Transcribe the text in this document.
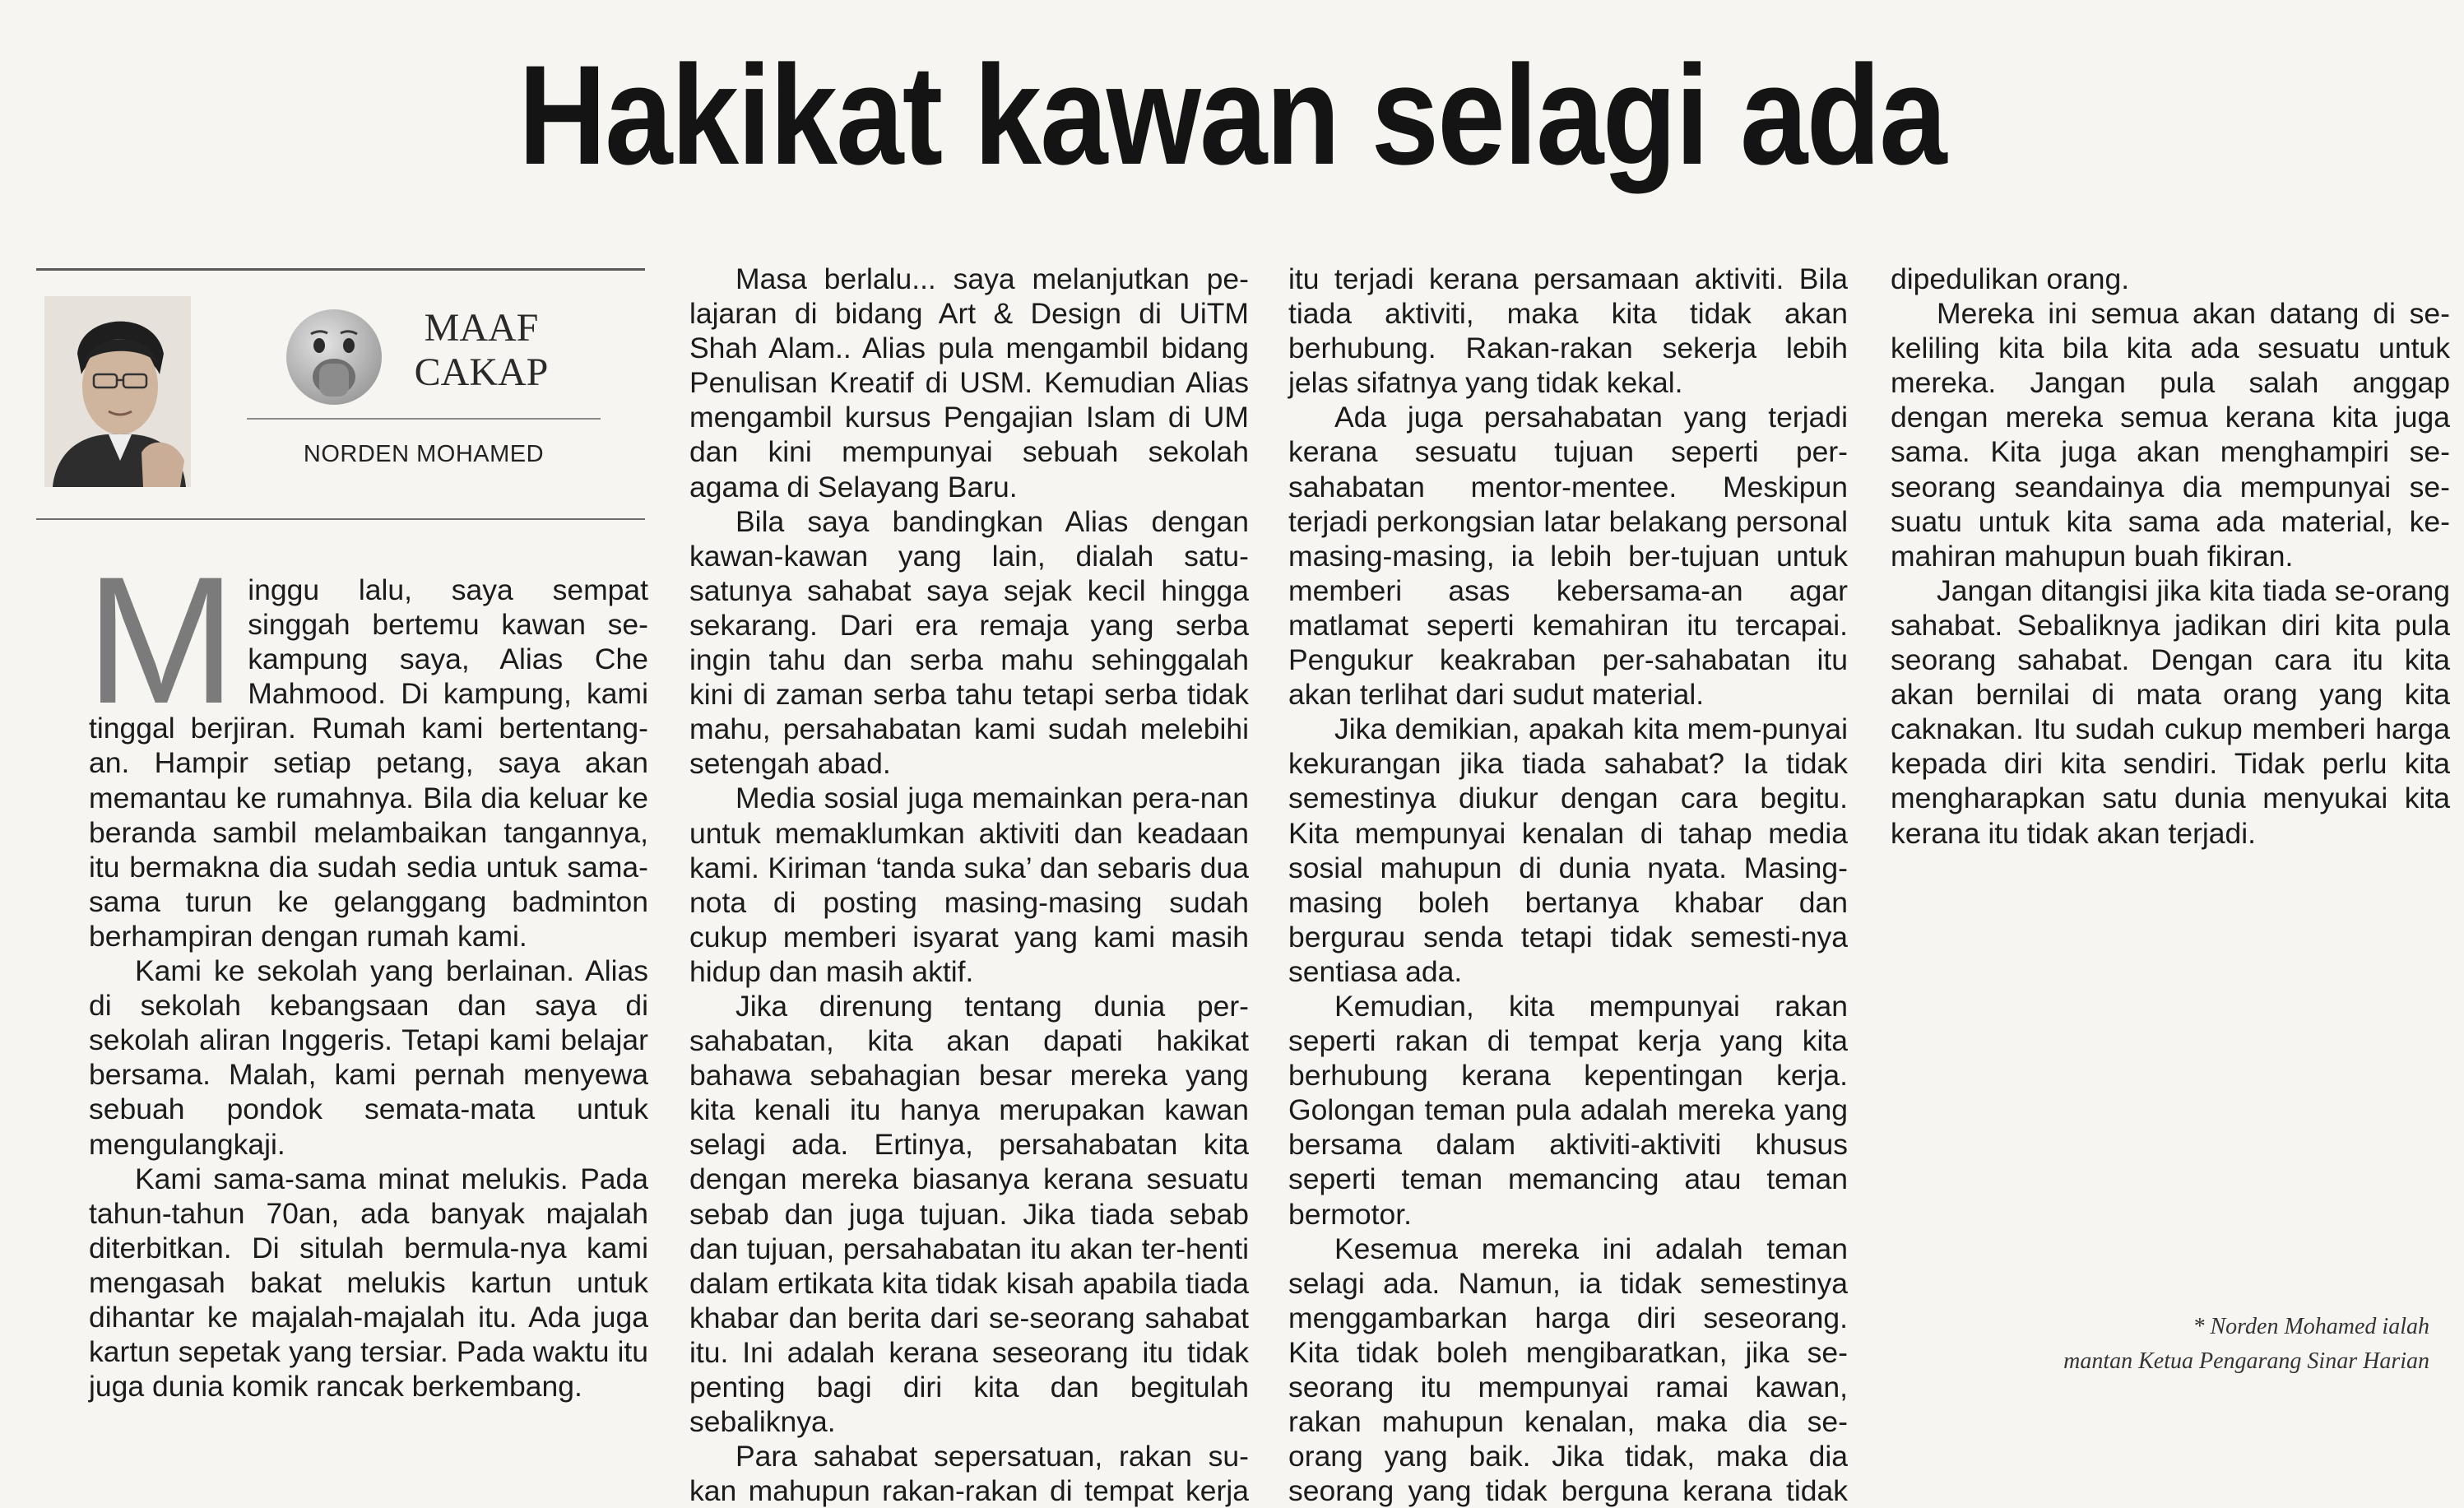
Hakikat kawan selagi ada
MAAF
CAKAP
NORDEN MOHAMED

Minggu lalu, saya sempat singgah bertemu kawan se-kampung saya, Alias Che Mahmood. Di kampung, kami tinggal berjiran. Rumah kami bertentang-an. Hampir setiap petang, saya akan memantau ke rumahnya. Bila dia keluar ke beranda sambil melambaikan tangannya, itu bermakna dia sudah sedia untuk sama-sama turun ke gelanggang badminton berhampiran dengan rumah kami.

Kami ke sekolah yang berlainan. Alias di sekolah kebangsaan dan saya di sekolah aliran Inggeris. Tetapi kami belajar bersama. Malah, kami pernah menyewa sebuah pondok semata-mata untuk mengulangkaji.

Kami sama-sama minat melukis. Pada tahun-tahun 70an, ada banyak majalah diterbitkan. Di situlah bermula-nya kami mengasah bakat melukis kartun untuk dihantar ke majalah-majalah itu. Ada juga kartun sepetak yang tersiar. Pada waktu itu juga dunia komik rancak berkembang.

Masa berlalu... saya melanjutkan pe-lajaran di bidang Art & Design di UiTM Shah Alam.. Alias pula mengambil bidang Penulisan Kreatif di USM. Kemudian Alias mengambil kursus Pengajian Islam di UM dan kini mempunyai sebuah sekolah agama di Selayang Baru.

Bila saya bandingkan Alias dengan kawan-kawan yang lain, dialah satu-satunya sahabat saya sejak kecil hingga sekarang. Dari era remaja yang serba ingin tahu dan serba mahu sehinggalah kini di zaman serba tahu tetapi serba tidak mahu, persahabatan kami sudah melebihi setengah abad.

Media sosial juga memainkan pera-nan untuk memaklumkan aktiviti dan keadaan kami. Kiriman ‘tanda suka’ dan sebaris dua nota di posting masing-masing sudah cukup memberi isyarat yang kami masih hidup dan masih aktif.

Jika direnung tentang dunia per-sahabatan, kita akan dapati hakikat bahawa sebahagian besar mereka yang kita kenali itu hanya merupakan kawan selagi ada. Ertinya, persahabatan kita dengan mereka biasanya kerana sesuatu sebab dan juga tujuan. Jika tiada sebab dan tujuan, persahabatan itu akan ter-henti dalam ertikata kita tidak kisah apabila tiada khabar dan berita dari se-seorang sahabat itu. Ini adalah kerana seseorang itu tidak penting bagi diri kita dan begitulah sebaliknya.

Para sahabat sepersatuan, rakan su-kan mahupun rakan-rakan di tempat kerja

itu terjadi kerana persamaan aktiviti. Bila tiada aktiviti, maka kita tidak akan berhubung. Rakan-rakan sekerja lebih jelas sifatnya yang tidak kekal.

Ada juga persahabatan yang terjadi kerana sesuatu tujuan seperti per-sahabatan mentor-mentee. Meskipun terjadi perkongsian latar belakang personal masing-masing, ia lebih ber-tujuan untuk memberi asas kebersama-an agar matlamat seperti kemahiran itu tercapai. Pengukur keakraban per-sahabatan itu akan terlihat dari sudut material.

Jika demikian, apakah kita mem-punyai kekurangan jika tiada sahabat? Ia tidak semestinya diukur dengan cara begitu. Kita mempunyai kenalan di tahap media sosial mahupun di dunia nyata. Masing-masing boleh bertanya khabar dan bergurau senda tetapi tidak semesti-nya sentiasa ada.

Kemudian, kita mempunyai rakan seperti rakan di tempat kerja yang kita berhubung kerana kepentingan kerja. Golongan teman pula adalah mereka yang bersama dalam aktiviti-aktiviti khusus seperti teman memancing atau teman bermotor.

Kesemua mereka ini adalah teman selagi ada. Namun, ia tidak semestinya menggambarkan harga diri seseorang. Kita tidak boleh mengibaratkan, jika se-seorang itu mempunyai ramai kawan, rakan mahupun kenalan, maka dia se-orang yang baik. Jika tidak, maka dia seorang yang tidak berguna kerana tidak

dipedulikan orang.

Mereka ini semua akan datang di se-keliling kita bila kita ada sesuatu untuk mereka. Jangan pula salah anggap dengan mereka semua kerana kita juga sama. Kita juga akan menghampiri se-seorang seandainya dia mempunyai se-suatu untuk kita sama ada material, ke-mahiran mahupun buah fikiran.

Jangan ditangisi jika kita tiada se-orang sahabat. Sebaliknya jadikan diri kita pula seorang sahabat. Dengan cara itu kita akan bernilai di mata orang yang kita caknakan. Itu sudah cukup memberi harga kepada diri kita sendiri. Tidak perlu kita mengharapkan satu dunia menyukai kita kerana itu tidak akan terjadi.

* Norden Mohamed ialah
mantan Ketua Pengarang Sinar Harian
